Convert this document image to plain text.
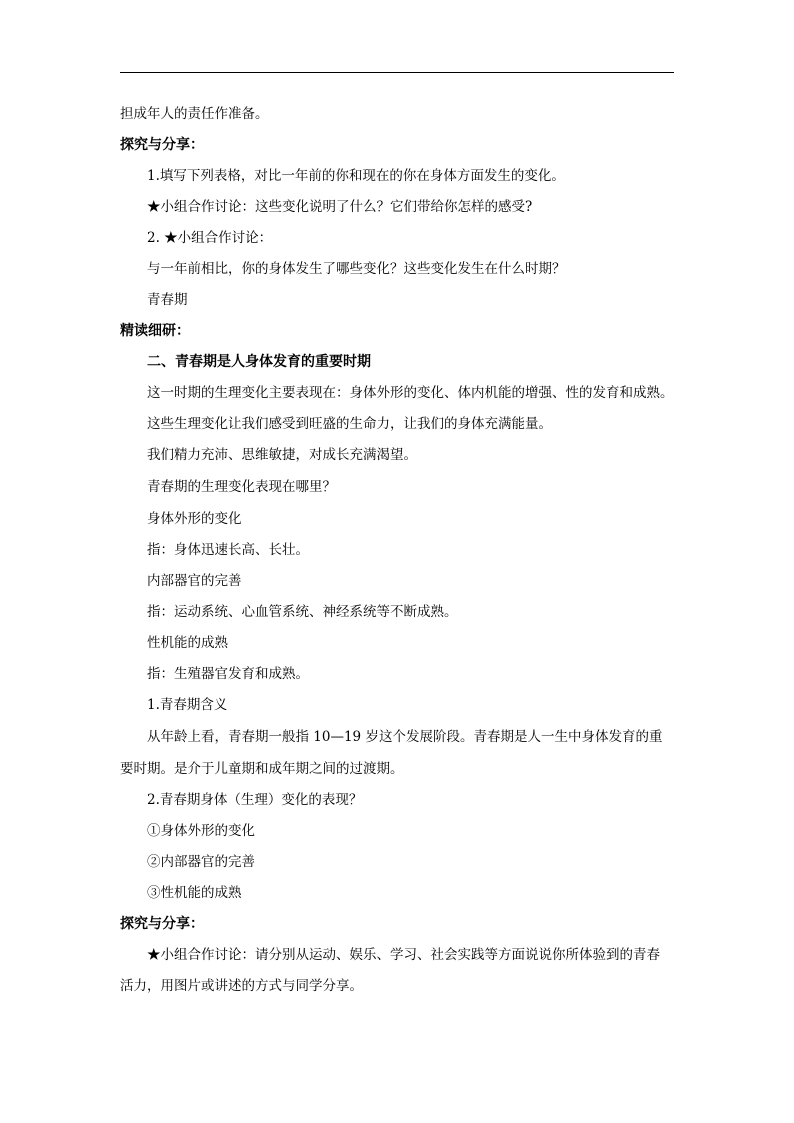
担成年人的责任作准备。
探究与分享：
1.填写下列表格，对比一年前的你和现在的你在身体方面发生的变化。
★小组合作讨论：这些变化说明了什么？它们带给你怎样的感受?
2. ★小组合作讨论：
与一年前相比，你的身体发生了哪些变化？这些变化发生在什么时期？
青春期
精读细研：
二、青春期是人身体发育的重要时期
这一时期的生理变化主要表现在：身体外形的变化、体内机能的增强、性的发育和成熟。
这些生理变化让我们感受到旺盛的生命力，让我们的身体充满能量。
我们精力充沛、思维敏捷，对成长充满渴望。
青春期的生理变化表现在哪里？
身体外形的变化
指：身体迅速长高、长壮。
内部器官的完善
指：运动系统、心血管系统、神经系统等不断成熟。
性机能的成熟
指：生殖器官发育和成熟。
1.青春期含义
从年龄上看，青春期一般指 10—19 岁这个发展阶段。青春期是人一生中身体发育的重
要时期。是介于儿童期和成年期之间的过渡期。
2.青春期身体（生理）变化的表现？
①身体外形的变化
②内部器官的完善
③性机能的成熟
探究与分享：
★小组合作讨论：请分别从运动、娱乐、学习、社会实践等方面说说你所体验到的青春
活力，用图片或讲述的方式与同学分享。
